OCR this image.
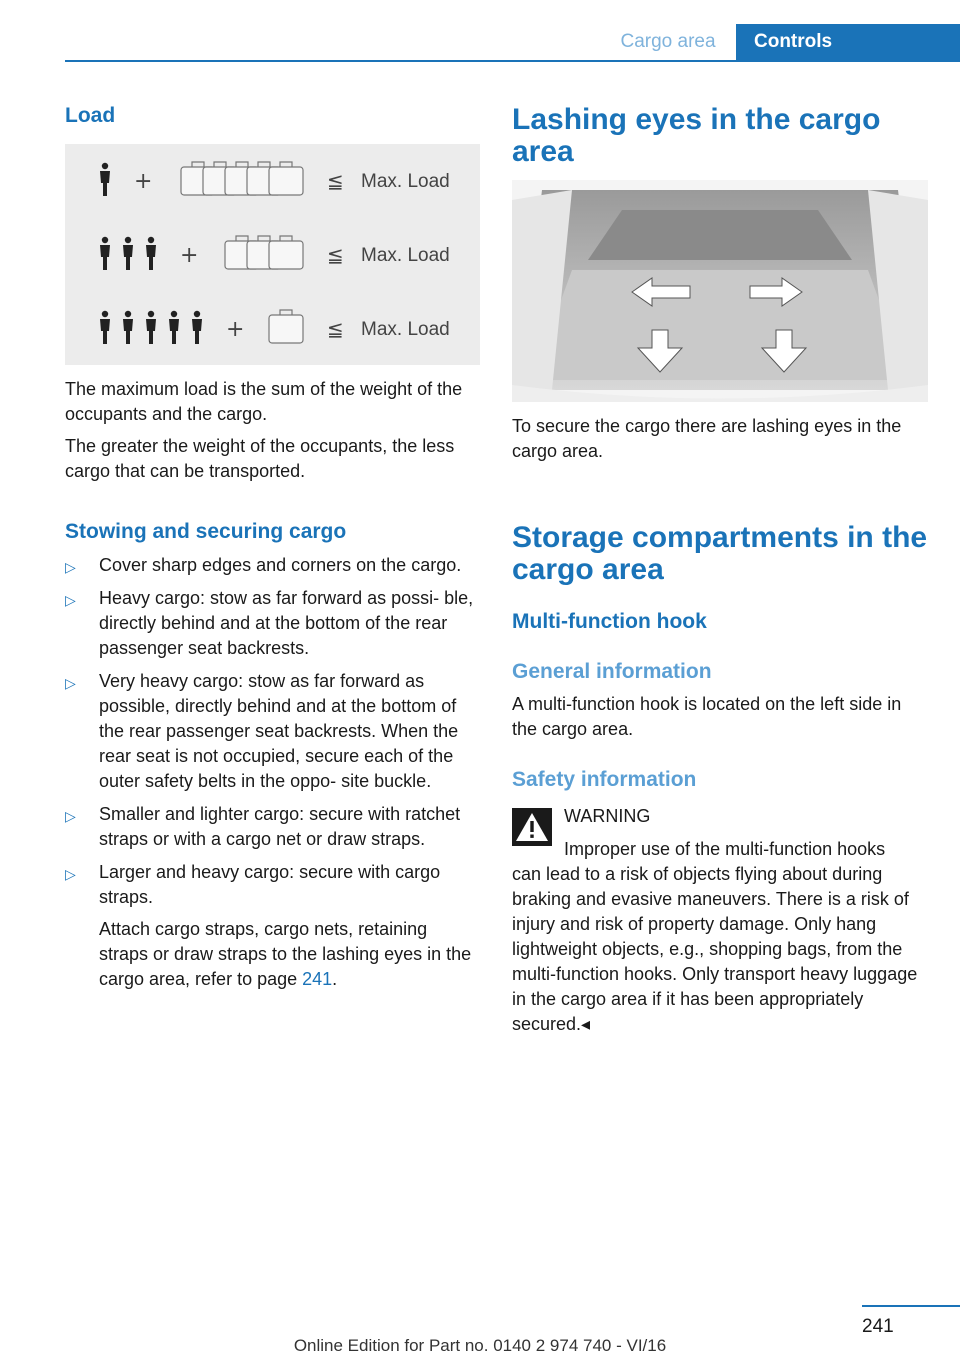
Cargo area	Controls
Load
+	≦ Max. Load
+	≦ Max. Load
+	≦ Max. Load
The maximum load is the sum of the weight of the occupants and the cargo.
The greater the weight of the occupants, the less cargo that can be transported.
Stowing and securing cargo
▷ Cover sharp edges and corners on the cargo.
▷ Heavy cargo: stow as far forward as possi‐ ble, directly behind and at the bottom of the rear passenger seat backrests.
▷ Very heavy cargo: stow as far forward as possible, directly behind and at the bottom of the rear passenger seat backrests. When the rear seat is not occupied, secure each of the outer safety belts in the oppo‐ site buckle.
▷ Smaller and lighter cargo: secure with ratchet straps or with a cargo net or draw straps.
▷ Larger and heavy cargo: secure with cargo straps.
Attach cargo straps, cargo nets, retaining straps or draw straps to the lashing eyes in the cargo area, refer to page 241.
Lashing eyes in the cargo area
To secure the cargo there are lashing eyes in the cargo area.
Storage compartments in the cargo area
Multi-function hook
General information
A multi-function hook is located on the left side in the cargo area.
Safety information
WARNING
Improper use of the multi-function hooks
can lead to a risk of objects flying about during braking and evasive maneuvers. There is a risk of injury and risk of property damage. Only hang lightweight objects, e.g., shopping bags, from the multi-function hooks. Only transport heavy luggage in the cargo area if it has been appropriately secured.◂
241
Online Edition for Part no. 0140 2 974 740 - VI/16
